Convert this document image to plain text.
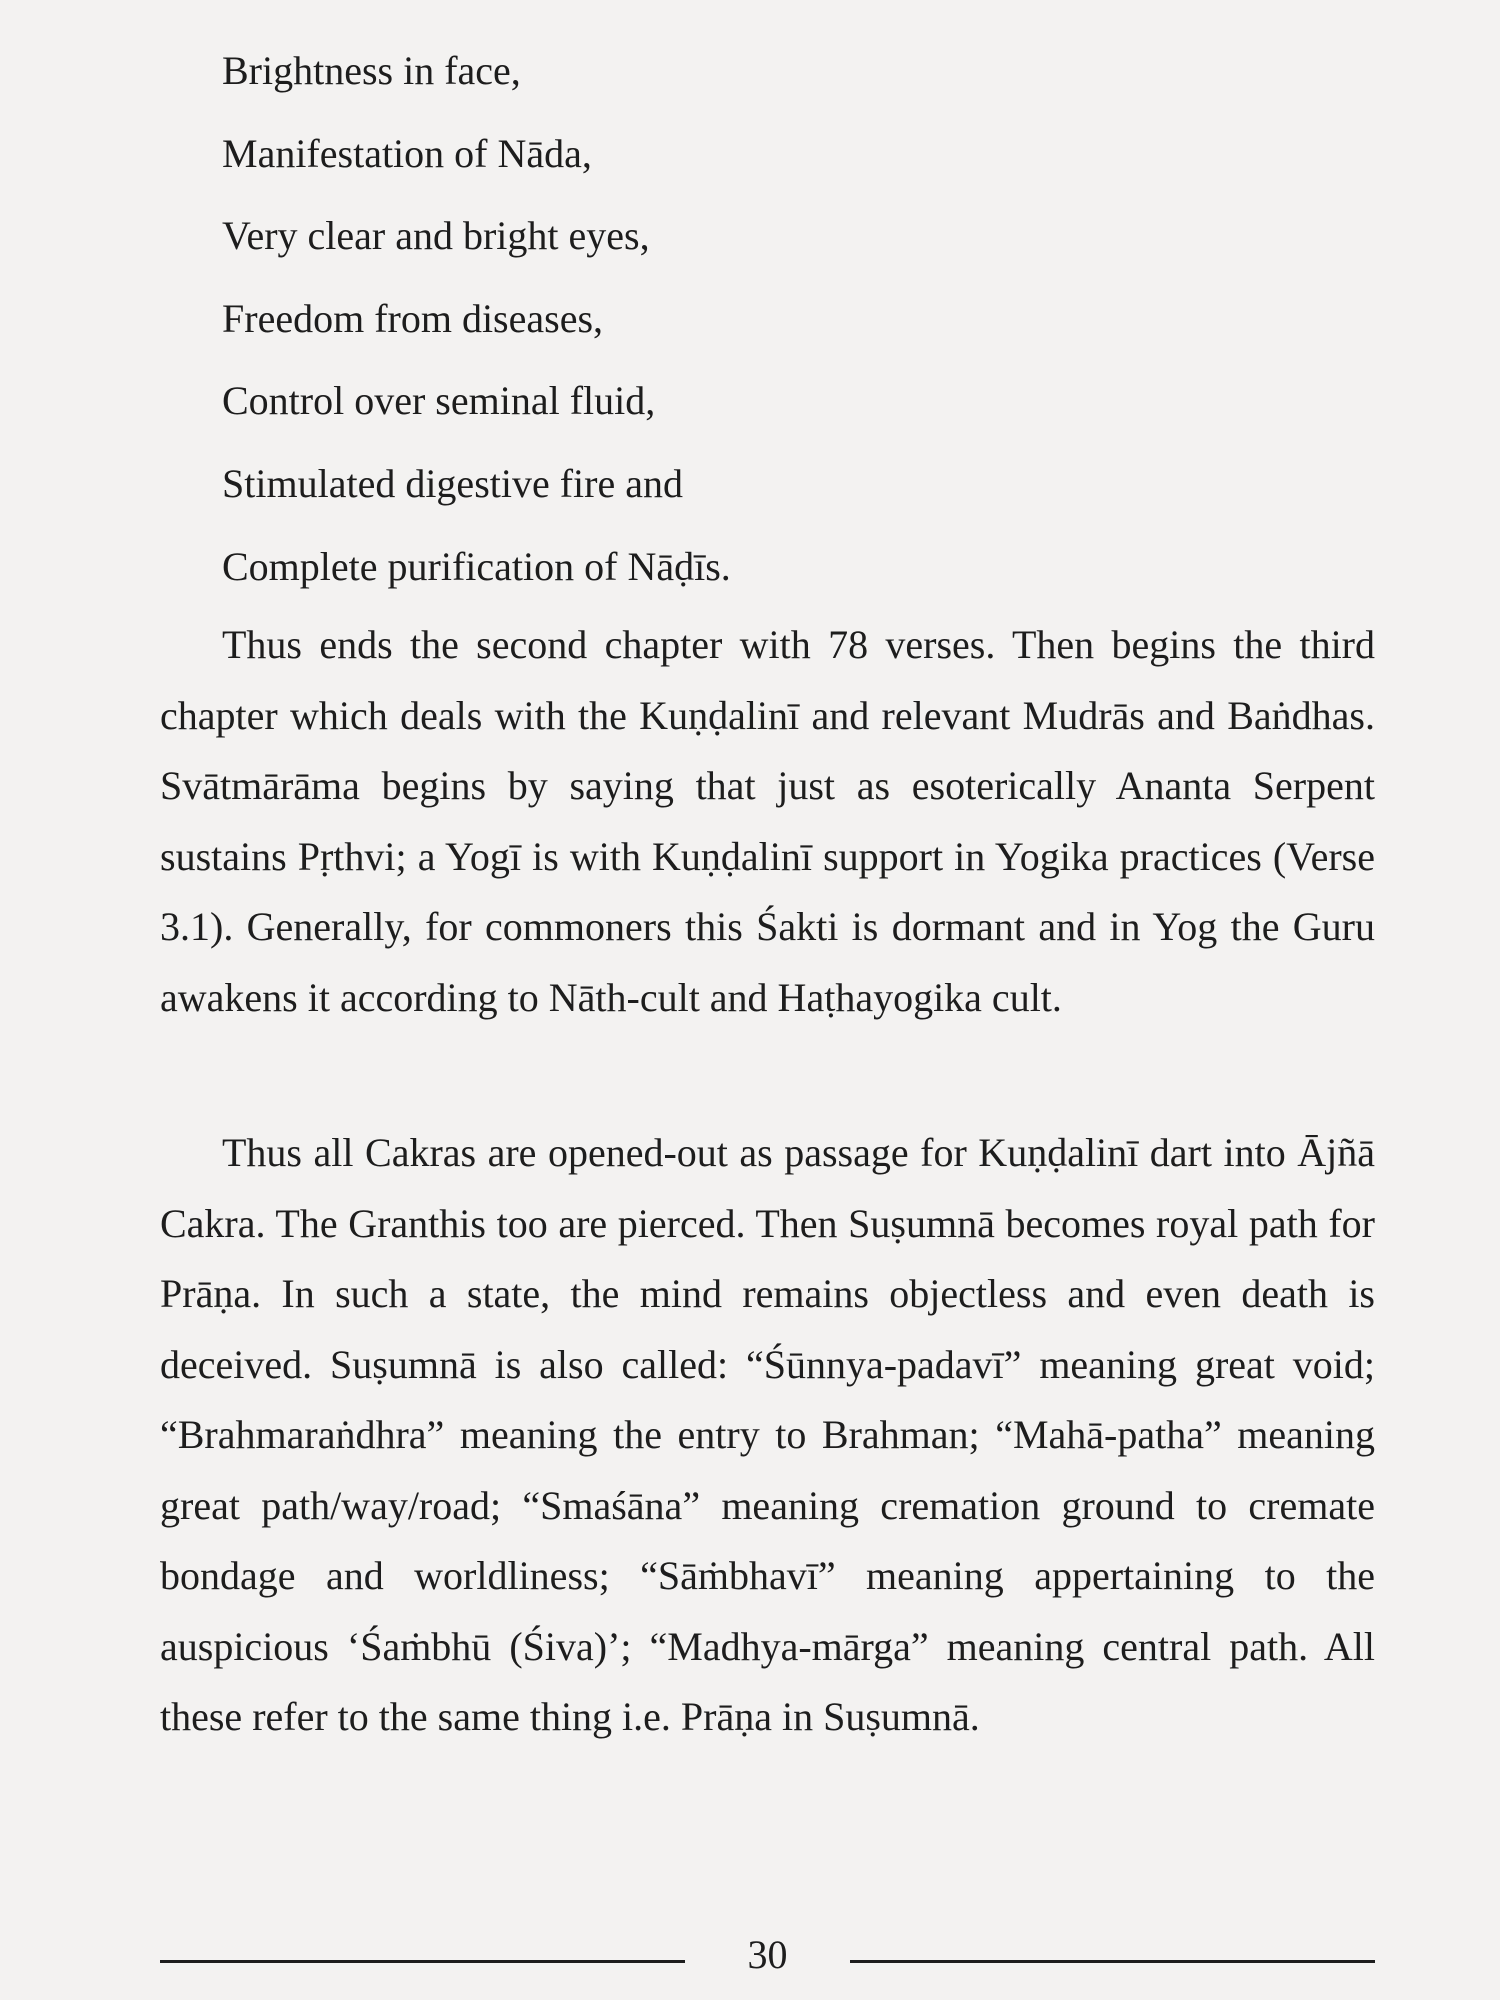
Brightness in face,
Manifestation of Nāda,
Very clear and bright eyes,
Freedom from diseases,
Control over seminal fluid,
Stimulated digestive fire and
Complete purification of Nāḍīs.

Thus ends the second chapter with 78 verses. Then begins the third chapter which deals with the Kuṇḍalinī and relevant Mudrās and Baṅdhas. Svātmārāma begins by saying that just as esoterically Ananta Serpent sustains Pṛthvi; a Yogī is with Kuṇḍalinī support in Yogika practices (Verse 3.1). Generally, for commoners this Śakti is dormant and in Yog the Guru awakens it according to Nāth-cult and Haṭhayogika cult.

Thus all Cakras are opened-out as passage for Kuṇḍalinī dart into Ājñā Cakra. The Granthis too are pierced. Then Suṣumnā becomes royal path for Prāṇa. In such a state, the mind remains objectless and even death is deceived. Suṣumnā is also called: “Śūnnya-padavī” meaning great void; “Brahmaraṅdhra” meaning the entry to Brahman; “Mahā-patha” meaning great path/way/road; “Smaśāna” meaning cremation ground to cremate bondage and worldliness; “Sāṁbhavī” meaning appertaining to the auspicious ‘Śaṁbhū (Śiva)’; “Madhya-mārga” meaning central path. All these refer to the same thing i.e. Prāṇa in Suṣumnā.

30
